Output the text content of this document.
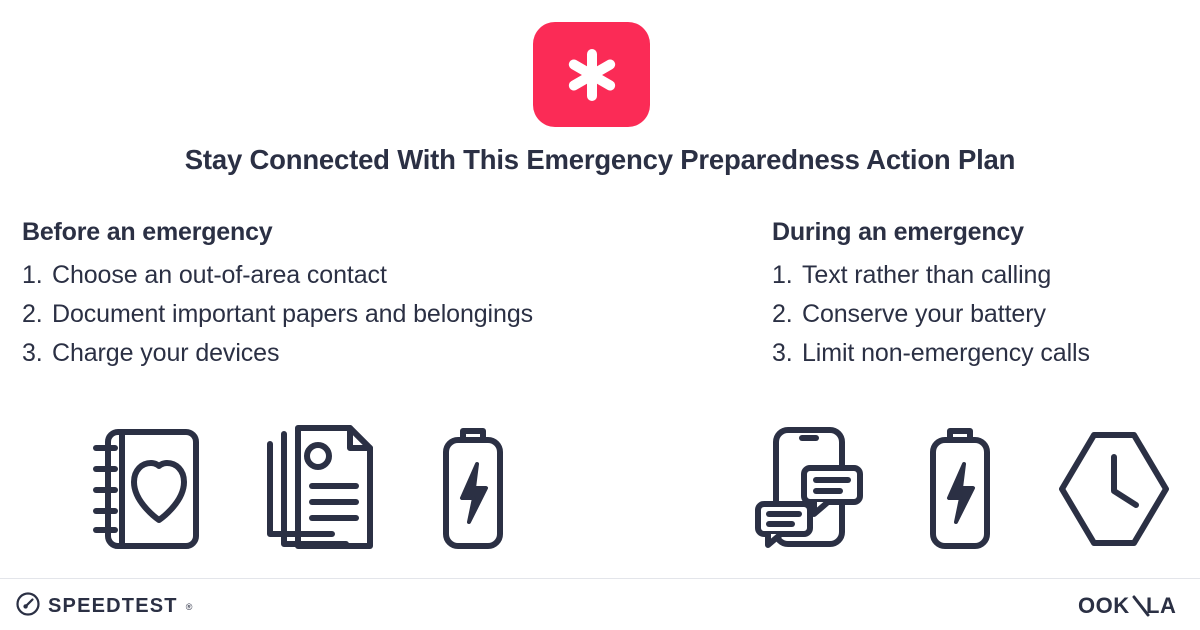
Stay Connected With This Emergency Preparedness Action Plan
Before an emergency
1. Choose an out-of-area contact
2. Document important papers and belongings
3. Charge your devices
During an emergency
1. Text rather than calling
2. Conserve your battery
3. Limit non-emergency calls
SPEEDTEST ®	OOK LA
